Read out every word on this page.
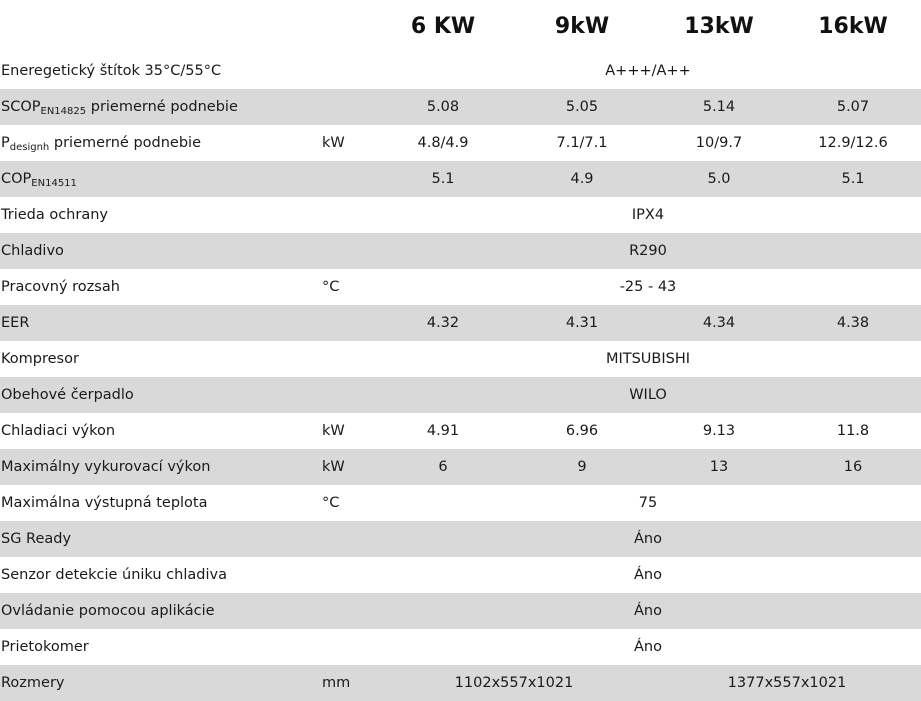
		6 KW	9kW	13kW	16kW
Eneregetický štítok 35°C/55°C		A+++/A++			
$SCOP_{EN14825}$ priemerné podnebie		5.08	5.05	5.14	5.07
$P_{designh}$ priemerné podnebie	kW	4.8/4.9	7.1/7.1	10/9.7	12.9/12.6
$COP_{EN14511}$		5.1	4.9	5.0	5.1
Trieda ochrany		IPX4			
Chladivo		R290			
Pracovný rozsah	°C	-25 - 43			
EER		4.32	4.31	4.34	4.38
Kompresor		MITSUBISHI			
Obehové čerpadlo		WILO			
Chladiaci výkon	kW	4.91	6.96	9.13	11.8
Maximálny vykurovací výkon	kW	6	9	13	16
Maximálna výstupná teplota	°C	75			
SG Ready		Áno			
Senzor detekcie úniku chladiva		Áno			
Ovládanie pomocou aplikácie		Áno			
Prietokomer		Áno			
Rozmery	mm	1102x557x1021		1377x557x1021	
